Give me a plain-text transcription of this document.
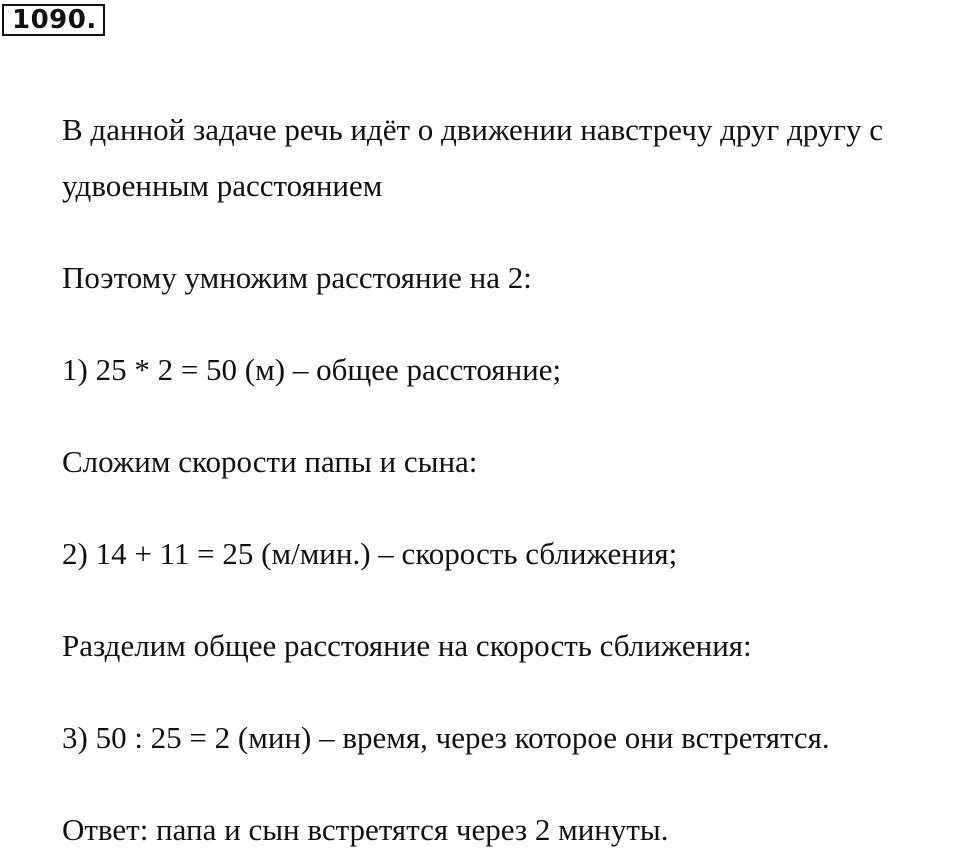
1090.

В данной задаче речь идёт о движении навстречу друг другу с

удвоенным расстоянием

Поэтому умножим расстояние на 2:

1) 25 * 2 = 50 (м) – общее расстояние;

Сложим скорости папы и сына:

2) 14 + 11 = 25 (м/мин.) – скорость сближения;

Разделим общее расстояние на скорость сближения:

3) 50 : 25 = 2 (мин) – время, через которое они встретятся.

Ответ: папа и сын встретятся через 2 минуты.
